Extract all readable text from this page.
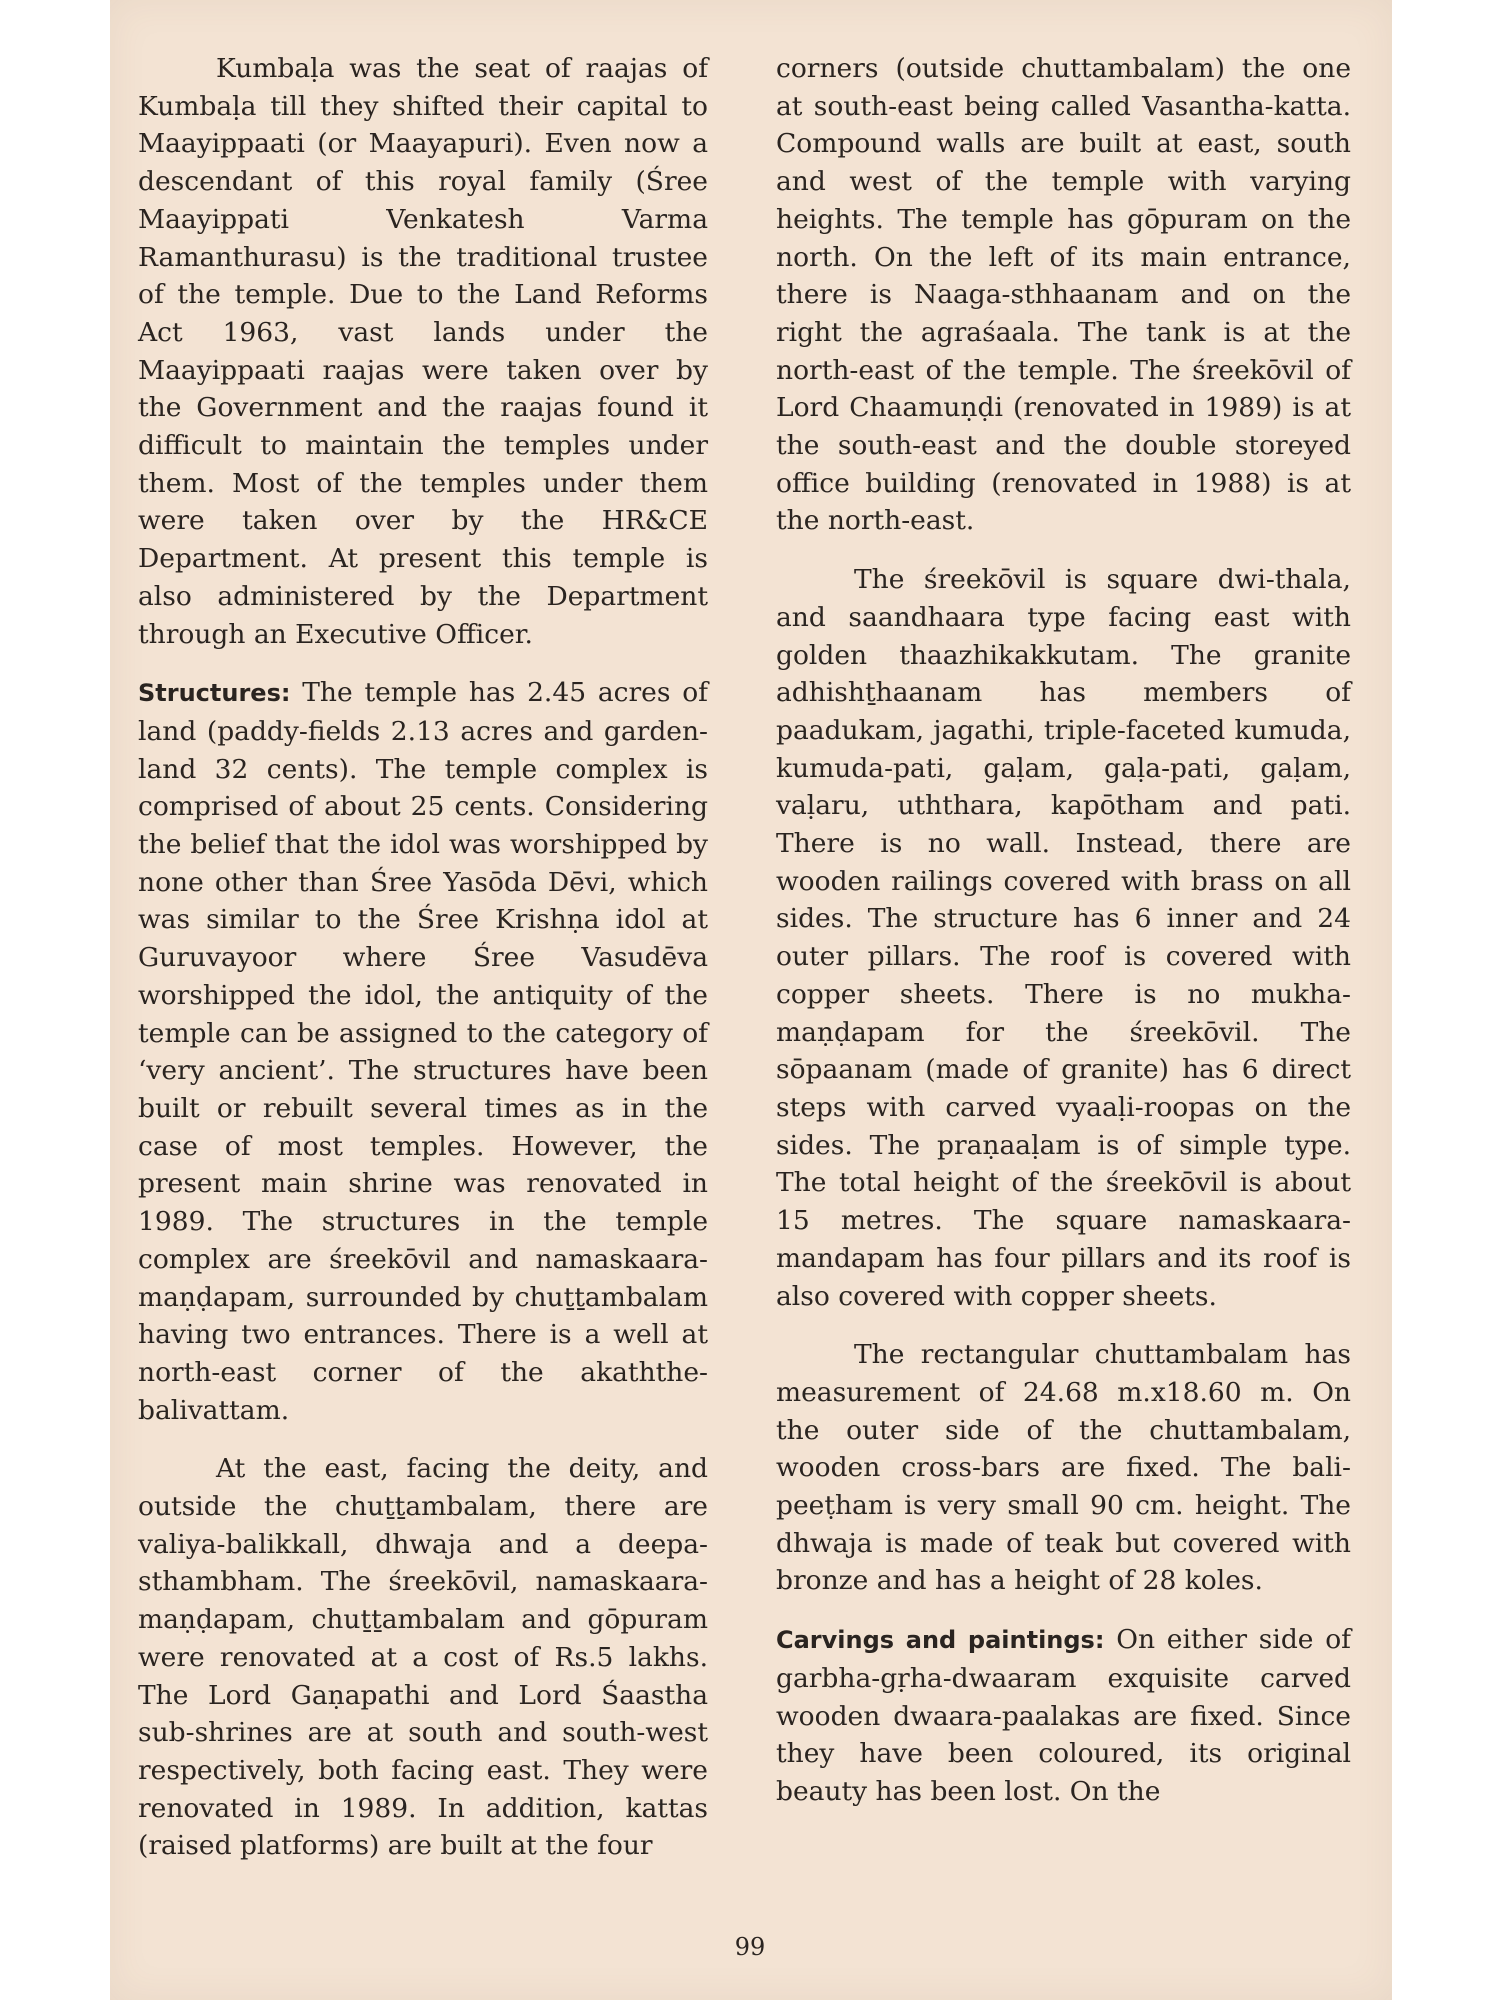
Kumbaḷa was the seat of raajas of Kumbaḷa till they shifted their capital to Maayippaati (or Maayapuri). Even now a descendant of this royal family (Śree Maayippati Venkatesh Varma Ramanthurasu) is the traditional trustee of the temple. Due to the Land Reforms Act 1963, vast lands under the Maayippaati raajas were taken over by the Government and the raajas found it difficult to maintain the temples under them. Most of the temples under them were taken over by the HR&CE Department. At present this temple is also administered by the Department through an Executive Officer.

Structures: The temple has 2.45 acres of land (paddy-fields 2.13 acres and garden-land 32 cents). The temple complex is comprised of about 25 cents. Considering the belief that the idol was worshipped by none other than Śree Yasōda Dēvi, which was similar to the Śree Krishṇa idol at Guruvayoor where Śree Vasudēva worshipped the idol, the antiquity of the temple can be assigned to the category of ‘very ancient’. The structures have been built or rebuilt several times as in the case of most temples. However, the present main shrine was renovated in 1989. The structures in the temple complex are śreekōvil and namaskaara-maṇḍapam, surrounded by chuṯṯambalam having two entrances. There is a well at north-east corner of the akaththe-balivattam.

At the east, facing the deity, and outside the chuṯṯambalam, there are valiya-balikkall, dhwaja and a deepa-sthambham. The śreekōvil, namaskaara-maṇḍapam, chuṯṯambalam and gōpuram were renovated at a cost of Rs.5 lakhs. The Lord Gaṇapathi and Lord Śaastha sub-shrines are at south and south-west respectively, both facing east. They were renovated in 1989. In addition, kattas (raised platforms) are built at the four

corners (outside chuttambalam) the one at south-east being called Vasantha-katta. Compound walls are built at east, south and west of the temple with varying heights. The temple has gōpuram on the north. On the left of its main entrance, there is Naaga-sthhaanam and on the right the agraśaala. The tank is at the north-east of the temple. The śreekōvil of Lord Chaamuṇḍi (renovated in 1989) is at the south-east and the double storeyed office building (renovated in 1988) is at the north-east.

The śreekōvil is square dwi-thala, and saandhaara type facing east with golden thaazhikakkutam. The granite adhishṯhaanam has members of paadukam, jagathi, triple-faceted kumuda, kumuda-pati, gaḷam, gaḷa-pati, gaḷam, vaḷaru, uththara, kapōtham and pati. There is no wall. Instead, there are wooden railings covered with brass on all sides. The structure has 6 inner and 24 outer pillars. The roof is covered with copper sheets. There is no mukha-maṇḍapam for the śreekōvil. The sōpaanam (made of granite) has 6 direct steps with carved vyaaḷi-roopas on the sides. The praṇaaḷam is of simple type. The total height of the śreekōvil is about 15 metres. The square namaskaara-mandapam has four pillars and its roof is also covered with copper sheets.

The rectangular chuttambalam has measurement of 24.68 m.x18.60 m. On the outer side of the chuttambalam, wooden cross-bars are fixed. The bali-peeṭham is very small 90 cm. height. The dhwaja is made of teak but covered with bronze and has a height of 28 koles.

Carvings and paintings: On either side of garbha-gṛha-dwaaram exquisite carved wooden dwaara-paalakas are fixed. Since they have been coloured, its original beauty has been lost. On the

99
